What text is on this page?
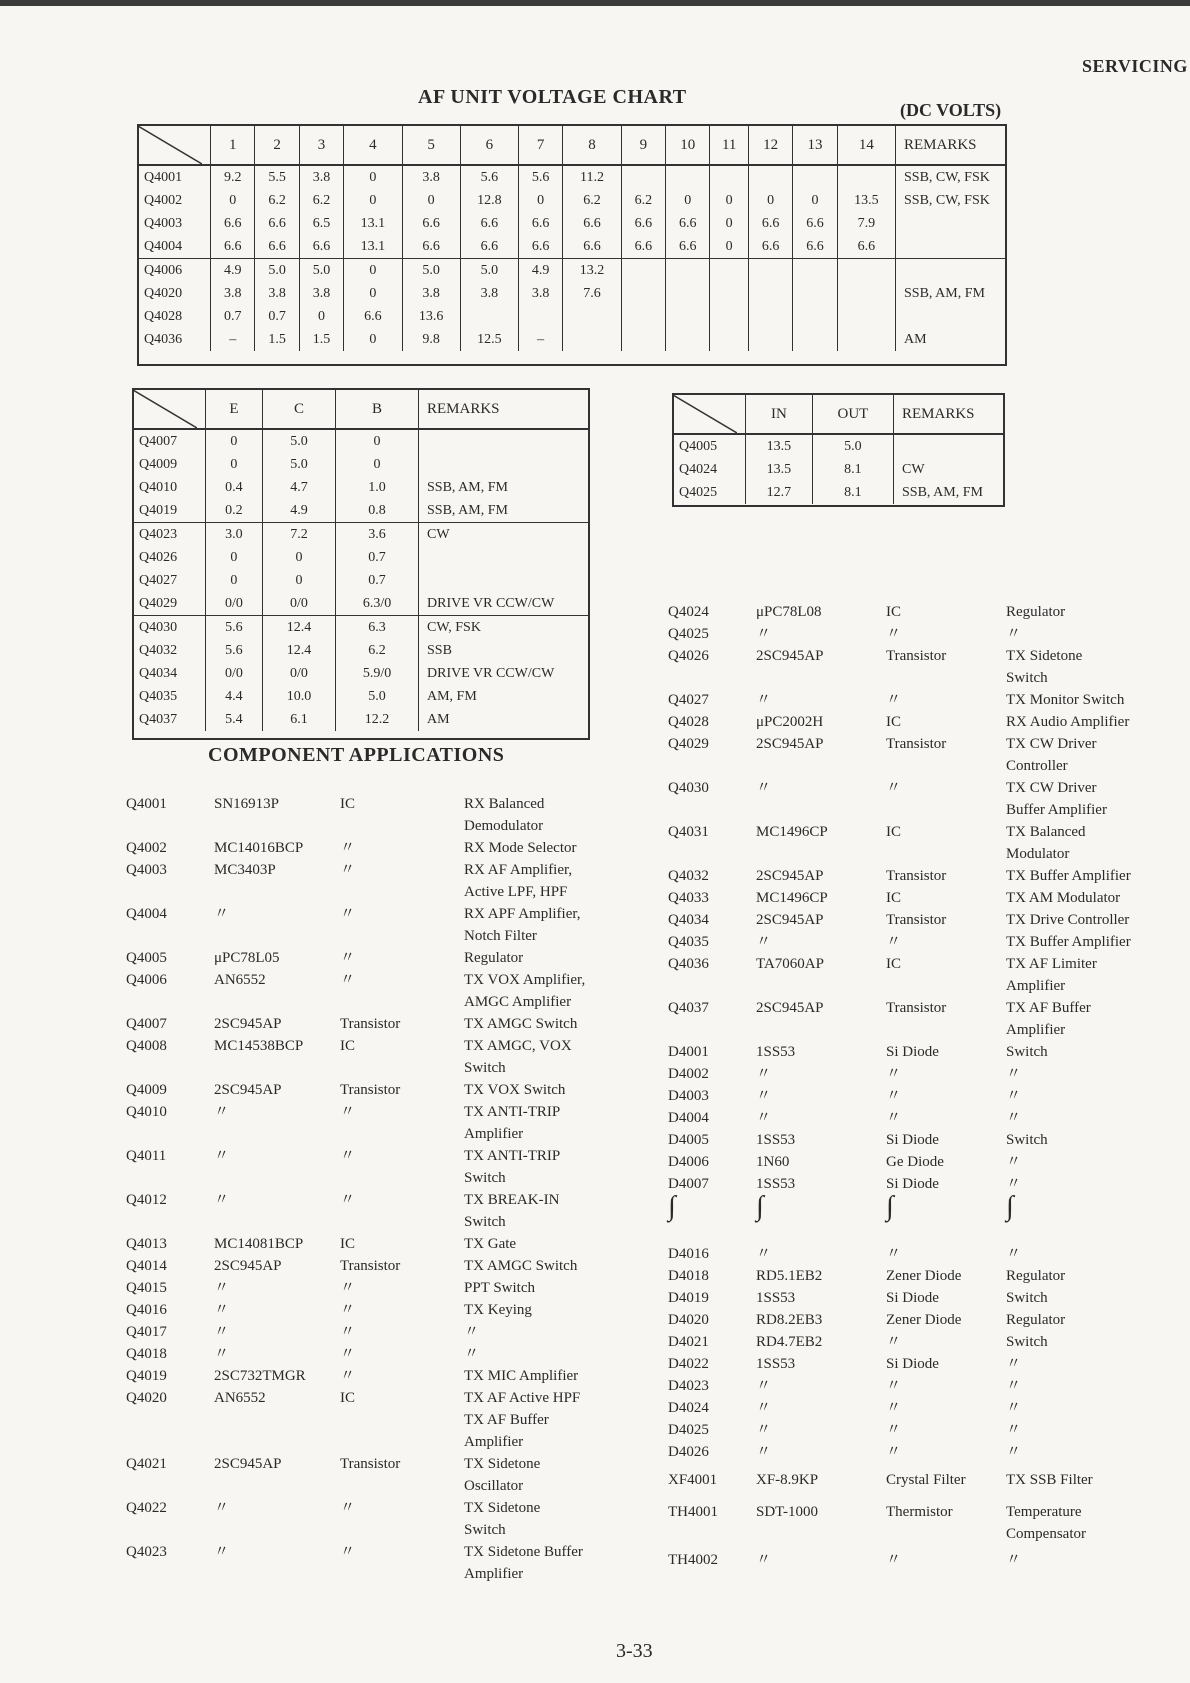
SERVICING
AF UNIT VOLTAGE CHART
(DC VOLTS)
	1	2	3	4	5	6	7	8	9	10	11	12	13	14	REMARKS
Q4001	9.2	5.5	3.8	0	3.8	5.6	5.6	11.2							SSB, CW, FSK
Q4002	0	6.2	6.2	0	0	12.8	0	6.2	6.2	0	0	0	0	13.5	SSB, CW, FSK
Q4003	6.6	6.6	6.5	13.1	6.6	6.6	6.6	6.6	6.6	6.6	0	6.6	6.6	7.9	
Q4004	6.6	6.6	6.6	13.1	6.6	6.6	6.6	6.6	6.6	6.6	0	6.6	6.6	6.6	
Q4006	4.9	5.0	5.0	0	5.0	5.0	4.9	13.2							
Q4020	3.8	3.8	3.8	0	3.8	3.8	3.8	7.6							SSB, AM, FM
Q4028	0.7	0.7	0	6.6	13.6										
Q4036	–	1.5	1.5	0	9.8	12.5	–								AM
	E	C	B	REMARKS
Q4007	0	5.0	0	
Q4009	0	5.0	0	
Q4010	0.4	4.7	1.0	SSB, AM, FM
Q4019	0.2	4.9	0.8	SSB, AM, FM
Q4023	3.0	7.2	3.6	CW
Q4026	0	0	0.7	
Q4027	0	0	0.7	
Q4029	0/0	0/0	6.3/0	DRIVE VR CCW/CW
Q4030	5.6	12.4	6.3	CW, FSK
Q4032	5.6	12.4	6.2	SSB
Q4034	0/0	0/0	5.9/0	DRIVE VR CCW/CW
Q4035	4.4	10.0	5.0	AM, FM
Q4037	5.4	6.1	12.2	AM
	IN	OUT	REMARKS
Q4005	13.5	5.0	
Q4024	13.5	8.1	CW
Q4025	12.7	8.1	SSB, AM, FM
COMPONENT APPLICATIONS
Q4001	SN16913P	IC	RX Balanced
Demodulator
Q4002	MC14016BCP 〃	RX Mode Selector
Q4003	MC3403P	〃	RX AF Amplifier,
Active LPF, HPF
Q4004	〃	〃	RX APF Amplifier,
Notch Filter
Q4005	μPC78L05	〃	Regulator
Q4006	AN6552	〃	TX VOX Amplifier,
AMGC Amplifier
Q4007	2SC945AP	Transistor	TX AMGC Switch
Q4008	MC14538BCP IC	TX AMGC, VOX
Switch
Q4009	2SC945AP	Transistor	TX VOX Switch
Q4010	〃	〃	TX ANTI-TRIP
Amplifier
Q4011	〃	〃	TX ANTI-TRIP
Switch
Q4012	〃	〃	TX BREAK-IN
Switch
Q4013	MC14081BCP IC	TX Gate
Q4014	2SC945AP	Transistor	TX AMGC Switch
Q4015	〃	〃	PPT Switch
Q4016	〃	〃	TX Keying
Q4017	〃	〃	〃
Q4018	〃	〃	〃
Q4019	2SC732TMGR 〃	TX MIC Amplifier
Q4020	AN6552	IC	TX AF Active HPF
TX AF Buffer
Amplifier
Q4021	2SC945AP	Transistor	TX Sidetone
Oscillator
Q4022	〃	〃	TX Sidetone
Switch
Q4023	〃	〃	TX Sidetone Buffer
Amplifier
Q4024	μPC78L08	IC	Regulator
Q4025	〃	〃	〃
Q4026	2SC945AP	Transistor	TX Sidetone
Switch
Q4027	〃	〃	TX Monitor Switch
Q4028	μPC2002H	IC	RX Audio Amplifier
Q4029	2SC945AP	Transistor	TX CW Driver
Controller
Q4030	〃	〃	TX CW Driver
Buffer Amplifier
Q4031	MC1496CP	IC	TX Balanced
Modulator
Q4032	2SC945AP	Transistor	TX Buffer Amplifier
Q4033	MC1496CP	IC	TX AM Modulator
Q4034	2SC945AP	Transistor	TX Drive Controller
Q4035	〃	〃	TX Buffer Amplifier
Q4036	TA7060AP	IC	TX AF Limiter
Amplifier
Q4037	2SC945AP	Transistor	TX AF Buffer
Amplifier
D4001	1SS53	Si Diode	Switch
D4002	〃	〃	〃
D4003	〃	〃	〃
D4004	〃	〃	〃
D4005	1SS53	Si Diode	Switch
D4006	1N60	Ge Diode	〃
D4007	1SS53	Si Diode	〃
∫	∫	∫	∫
D4016	〃	〃	〃
D4018	RD5.1EB2	Zener Diode	Regulator
D4019	1SS53	Si Diode	Switch
D4020	RD8.2EB3	Zener Diode	Regulator
D4021	RD4.7EB2	〃	Switch
D4022	1SS53	Si Diode	〃
D4023	〃	〃	〃
D4024	〃	〃	〃
D4025	〃	〃	〃
D4026	〃	〃	〃
XF4001	XF-8.9KP	Crystal Filter	TX SSB Filter
TH4001	SDT-1000	Thermistor	Temperature
Compensator
TH4002	〃	〃	〃
3-33
